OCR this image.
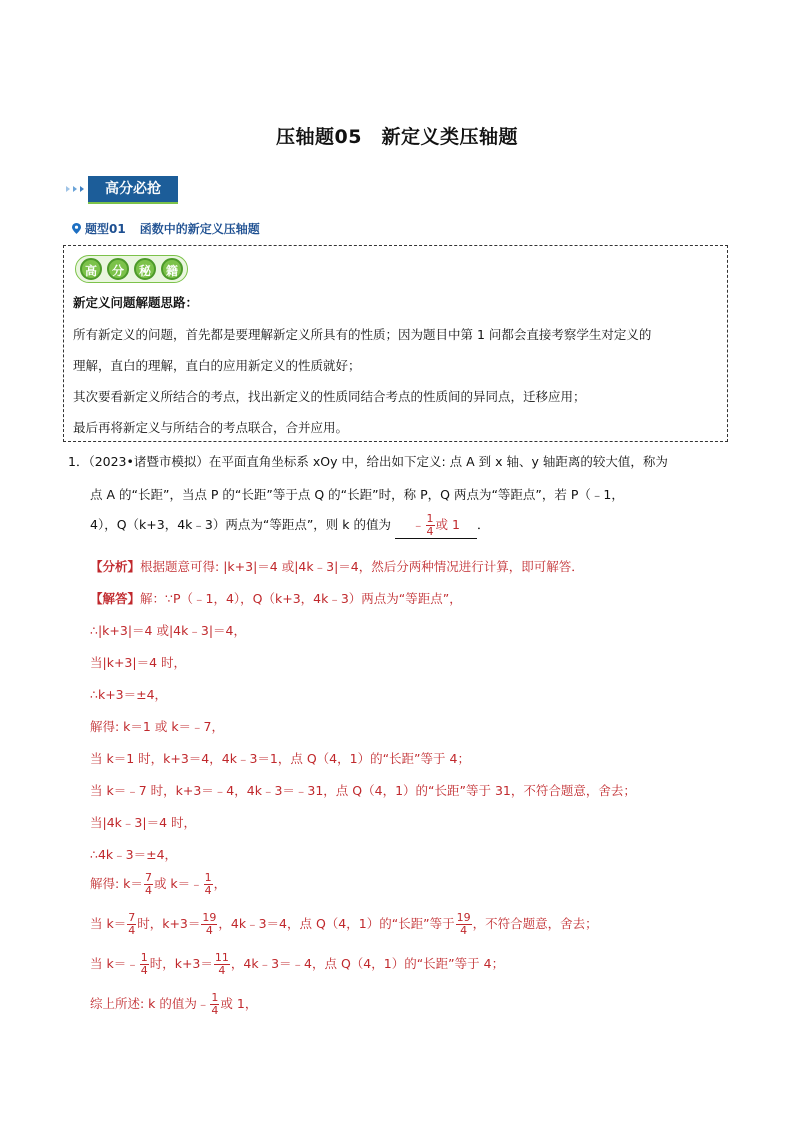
压轴题05　新定义类压轴题
高分必抢
题型01 函数中的新定义压轴题
高	分	秘	籍
新定义问题解题思路：
所有新定义的问题，首先都是要理解新定义所具有的性质；因为题目中第 1 问都会直接考察学生对定义的
理解，直白的理解，直白的应用新定义的性质就好；
其次要看新定义所结合的考点，找出新定义的性质同结合考点的性质间的异同点，迁移应用；
最后再将新定义与所结合的考点联合，合并应用。
1．（2023•诸暨市模拟）在平面直角坐标系 xOy 中，给出如下定义: 点 A 到 x 轴、y 轴距离的较大值，称为
点 A 的“长距”，当点 P 的“长距”等于点 Q 的“长距”时，称 P，Q 两点为“等距点”，若 P（﹣1，
4），Q（k+3，4k﹣3）两点为“等距点”，则 k 的值为 ﹣ $\frac{1}{4}$ 或 1 ．
【分析】根据题意可得: |k+3|＝4 或|4k﹣3|＝4，然后分两种情况进行计算，即可解答．
【解答】解：∵P（﹣1，4），Q（k+3，4k﹣3）两点为“等距点”，
∴|k+3|＝4 或|4k﹣3|＝4，
当|k+3|＝4 时，
∴k+3＝±4，
解得: k＝1 或 k＝﹣7，
当 k＝1 时，k+3＝4，4k﹣3＝1，点 Q（4，1）的“长距”等于 4；
当 k＝﹣7 时，k+3＝﹣4，4k﹣3＝﹣31，点 Q（4，1）的“长距”等于 31，不符合题意，舍去；
当|4k﹣3|＝4 时，
∴4k﹣3＝±4，
解得: $k= \frac{7}{4}$ 或 k＝﹣ $\frac{1}{4}$ ，
当 $k= \frac{7}{4}$ 时，$k+3= \frac{19}{4}$ ，4k﹣3＝4，点 Q（4，1）的“长距”等于 $\frac{19}{4}$ ，不符合题意，舍去；
当 k＝﹣ $\frac{1}{4}$ 时，$k+3= \frac{11}{4}$ ，4k﹣3＝﹣4，点 Q（4，1）的“长距”等于 4；
综上所述: k 的值为﹣ $\frac{1}{4}$ 或 1，
